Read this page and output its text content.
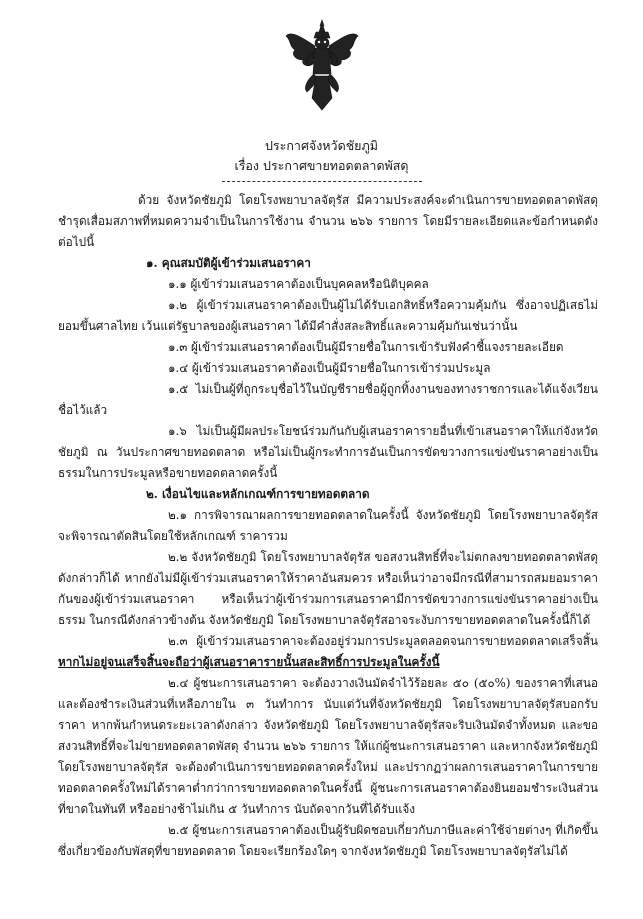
ประกาศจังหวัดชัยภูมิ
เรื่อง ประกาศขายทอดตลาดพัสดุ

ด้วย จังหวัดชัยภูมิ โดยโรงพยาบาลจัตุรัส มีความประสงค์จะดำเนินการขายทอดตลาดพัสดุชำรุดเสื่อมสภาพที่หมดความจำเป็นในการใช้งาน จำนวน ๒๖๖ รายการ โดยมีรายละเอียดและข้อกำหนดดังต่อไปนี้

๑. คุณสมบัติผู้เข้าร่วมเสนอราคา

๑.๑ ผู้เข้าร่วมเสนอราคาต้องเป็นบุคคลหรือนิติบุคคล

๑.๒ ผู้เข้าร่วมเสนอราคาต้องเป็นผู้ไม่ได้รับเอกสิทธิ์หรือความคุ้มกัน ซึ่งอาจปฏิเสธไม่ยอมขึ้นศาลไทย เว้นแต่รัฐบาลของผู้เสนอราคา ได้มีคำสั่งสละสิทธิ์และความคุ้มกันเช่นว่านั้น

๑.๓ ผู้เข้าร่วมเสนอราคาต้องเป็นผู้มีรายชื่อในการเข้ารับฟังคำชี้แจงรายละเอียด

๑.๔ ผู้เข้าร่วมเสนอราคาต้องเป็นผู้มีรายชื่อในการเข้าร่วมประมูล

๑.๕ ไม่เป็นผู้ที่ถูกระบุชื่อไว้ในบัญชีรายชื่อผู้ถูกทิ้งงานของทางราชการและได้แจ้งเวียนชื่อไว้แล้ว

๑.๖ ไม่เป็นผู้มีผลประโยชน์ร่วมกันกับผู้เสนอราคารายอื่นที่เข้าเสนอราคาให้แก่จังหวัดชัยภูมิ ณ วันประกาศขายทอดตลาด หรือไม่เป็นผู้กระทำการอันเป็นการขัดขวางการแข่งขันราคาอย่างเป็นธรรมในการประมูลหรือขายทอดตลาดครั้งนี้

๒. เงื่อนไขและหลักเกณฑ์การขายทอดตลาด

๒.๑ การพิจารณาผลการขายทอดตลาดในครั้งนี้ จังหวัดชัยภูมิ โดยโรงพยาบาลจัตุรัส จะพิจารณาตัดสินโดยใช้หลักเกณฑ์ ราคารวม

๒.๒ จังหวัดชัยภูมิ โดยโรงพยาบาลจัตุรัส ขอสงวนสิทธิ์ที่จะไม่ตกลงขายทอดตลาดพัสดุดังกล่าวก็ได้ หากยังไม่มีผู้เข้าร่วมเสนอราคาให้ราคาอันสมควร หรือเห็นว่าอาจมีกรณีที่สามารถสมยอมราคากันของผู้เข้าร่วมเสนอราคา หรือเห็นว่าผู้เข้าร่วมการเสนอราคามีการขัดขวางการแข่งขันราคาอย่างเป็นธรรม ในกรณีดังกล่าวข้างต้น จังหวัดชัยภูมิ โดยโรงพยาบาลจัตุรัสอาจระงับการขายทอดตลาดในครั้งนี้ก็ได้

๒.๓ ผู้เข้าร่วมเสนอราคาจะต้องอยู่ร่วมการประมูลตลอดจนการขายทอดตลาดเสร็จสิ้น หากไม่อยู่จนเสร็จสิ้นจะถือว่าผู้เสนอราคารายนั้นสละสิทธิ์การประมูลในครั้งนี้

๒.๔ ผู้ชนะการเสนอราคา จะต้องวางเงินมัดจำไว้ร้อยละ ๕๐ (๕๐%) ของราคาที่เสนอ และต้องชำระเงินส่วนที่เหลือภายใน ๓ วันทำการ นับแต่วันที่จังหวัดชัยภูมิ โดยโรงพยาบาลจัตุรัสบอกรับราคา หากพ้นกำหนดระยะเวลาดังกล่าว จังหวัดชัยภูมิ โดยโรงพยาบาลจัตุรัสจะริบเงินมัดจำทั้งหมด และขอสงวนสิทธิ์ที่จะไม่ขายทอดตลาดพัสดุ จำนวน ๒๖๖ รายการ ให้แก่ผู้ชนะการเสนอราคา และหากจังหวัดชัยภูมิ โดยโรงพยาบาลจัตุรัส จะต้องดำเนินการขายทอดตลาดครั้งใหม่ และปรากฏว่าผลการเสนอราคาในการขายทอดตลาดครั้งใหม่ได้ราคาต่ำกว่าการขายทอดตลาดในครั้งนี้ ผู้ชนะการเสนอราคาต้องยินยอมชำระเงินส่วนที่ขาดในทันที หรืออย่างช้าไม่เกิน ๕ วันทำการ นับถัดจากวันที่ได้รับแจ้ง

๒.๕ ผู้ชนะการเสนอราคาต้องเป็นผู้รับผิดชอบเกี่ยวกับภาษีและค่าใช้จ่ายต่างๆ ที่เกิดขึ้นซึ่งเกี่ยวข้องกับพัสดุที่ขายทอดตลาด โดยจะเรียกร้องใดๆ จากจังหวัดชัยภูมิ โดยโรงพยาบาลจัตุรัสไม่ได้
